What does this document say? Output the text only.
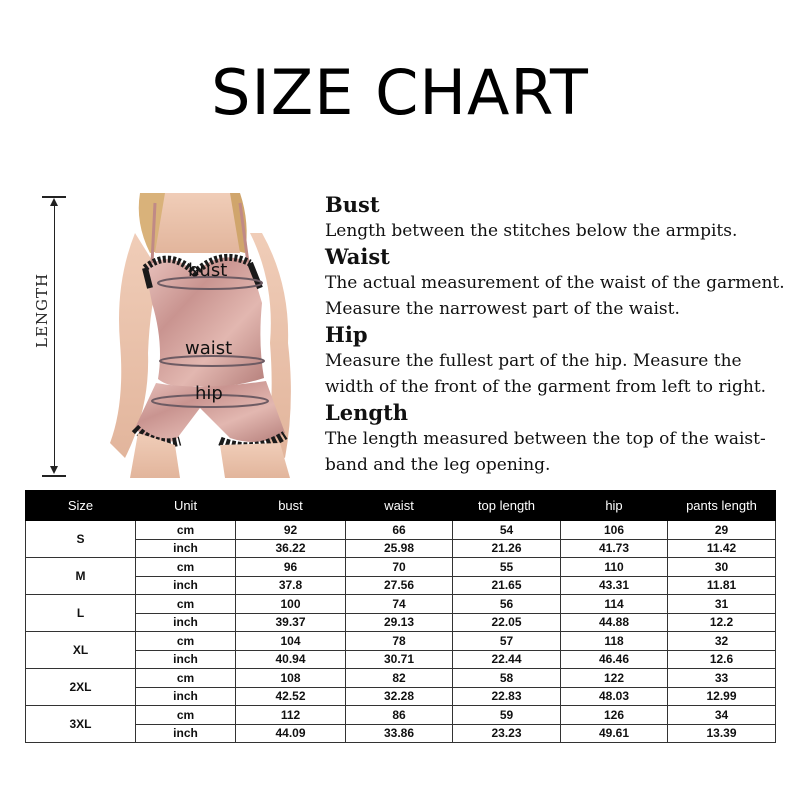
SIZE CHART
LENGTH
bust
waist
hip
Bust
Length between the stitches below the armpits.
Waist
The actual measurement of the waist of the garment.
Measure the narrowest part of the waist.
Hip
Measure the fullest part of the hip. Measure the
width of the front of the garment from left to right.
Length
The length measured between the top of the waist-
band and the leg opening.
Size	Unit	bust	waist	top length	hip	pants length
S	cm	92	66	54	106	29
	inch	36.22	25.98	21.26	41.73	11.42
M	cm	96	70	55	110	30
	inch	37.8	27.56	21.65	43.31	11.81
L	cm	100	74	56	114	31
	inch	39.37	29.13	22.05	44.88	12.2
XL	cm	104	78	57	118	32
	inch	40.94	30.71	22.44	46.46	12.6
2XL	cm	108	82	58	122	33
	inch	42.52	32.28	22.83	48.03	12.99
3XL	cm	112	86	59	126	34
	inch	44.09	33.86	23.23	49.61	13.39
